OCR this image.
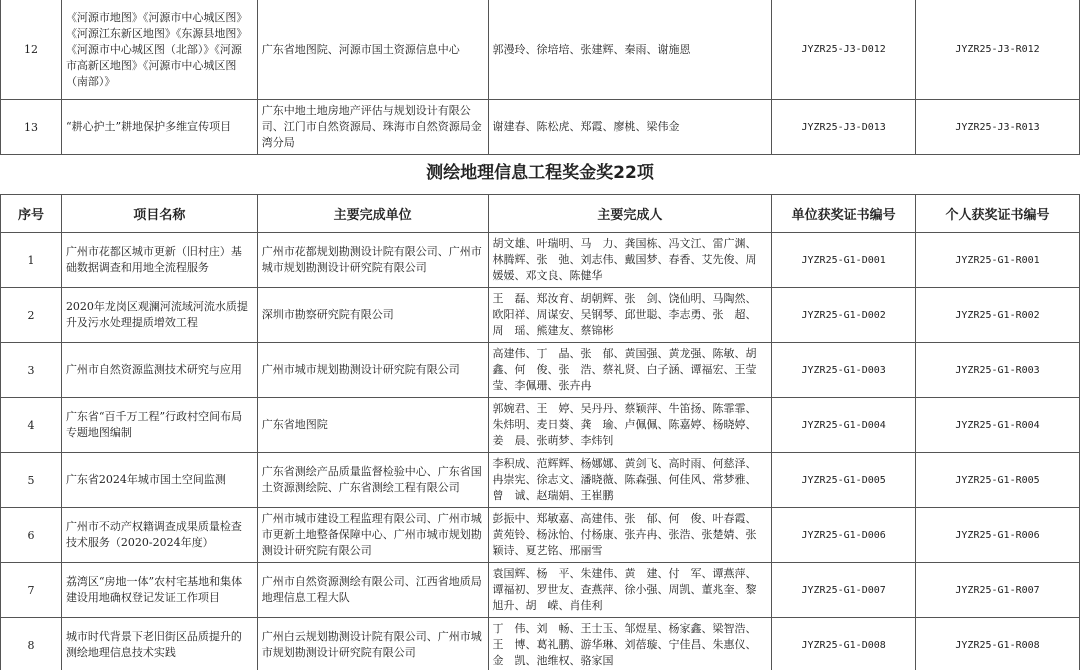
12	《河源市地图》《河源市中心城区图》《河源江东新区地图》《东源县地图》《河源市中心城区图（北部）》《河源市高新区地图》《河源市中心城区图（南部）》	广东省地图院、河源市国土资源信息中心	郭漫玲、徐培培、张建辉、秦雨、谢施恩	JYZR25-J3-D012	JYZR25-J3-R012
13	“耕心护土”耕地保护多维宣传项目	广东中地土地房地产评估与规划设计有限公司、江门市自然资源局、珠海市自然资源局金湾分局	谢建春、陈松虎、郑霞、廖桃、梁伟金	JYZR25-J3-D013	JYZR25-J3-R013
测绘地理信息工程奖金奖22项
序号	项目名称	主要完成单位	主要完成人	单位获奖证书编号	个人获奖证书编号
1	广州市花都区城市更新（旧村庄）基础数据调查和用地全流程服务	广州市花都规划勘测设计院有限公司、广州市城市规划勘测设计研究院有限公司	胡文雄、叶瑞明、马　力、龚国栋、冯文江、雷广渊、林腾辉、张　弛、刘志伟、戴国梦、春香、艾先俊、周媛媛、邓文良、陈健华	JYZR25-G1-D001	JYZR25-G1-R001
2	2020年龙岗区观澜河流域河流水质提升及污水处理提质增效工程	深圳市勘察研究院有限公司	王　磊、郑汝育、胡朝辉、张　剑、饶仙明、马陶然、欧阳祥、周谋安、吴钢琴、邱世聪、李志勇、张　超、周　瑶、熊建友、蔡锦彬	JYZR25-G1-D002	JYZR25-G1-R002
3	广州市自然资源监测技术研究与应用	广州市城市规划勘测设计研究院有限公司	高建伟、丁　晶、张　郁、黄国强、黄龙强、陈敏、胡　鑫、何　俊、张　浩、蔡礼贤、白子涵、谭福宏、王莹莹、李佩珊、张卉冉	JYZR25-G1-D003	JYZR25-G1-R003
4	广东省“百千万工程”行政村空间布局专题地图编制	广东省地图院	郭婉君、王　婷、吴丹丹、蔡颖萍、牛笛扬、陈霏霏、朱炜明、麦日葵、龚　瑜、卢佩佩、陈嘉婷、杨晓婷、姜　晨、张萌梦、李炜钊	JYZR25-G1-D004	JYZR25-G1-R004
5	广东省2024年城市国土空间监测	广东省测绘产品质量监督检验中心、广东省国土资源测绘院、广东省测绘工程有限公司	李积成、范辉辉、杨娜娜、黄剑飞、高时雨、何慈泽、冉崇宪、徐志文、潘晓薇、陈森强、何佳风、常梦雅、曾　诚、赵瑞娟、王崔鹏	JYZR25-G1-D005	JYZR25-G1-R005
6	广州市不动产权籍调查成果质量检查技术服务（2020-2024年度）	广州市城市建设工程监理有限公司、广州市城市更新土地整备保障中心、广州市城市规划勘测设计研究院有限公司	彭振中、郑敏嘉、高建伟、张　郁、何　俊、叶春霞、黄苑铃、杨泳怡、付杨康、张卉冉、张浩、张楚婧、张颖诗、夏艺铭、邢丽雪	JYZR25-G1-D006	JYZR25-G1-R006
7	荔湾区“房地一体”农村宅基地和集体建设用地确权登记发证工作项目	广州市自然资源测绘有限公司、江西省地质局地理信息工程大队	袁国辉、杨　平、朱建伟、黄　建、付　军、谭燕萍、谭福初、罗世友、查燕萍、徐小强、周凯、董兆奎、黎旭升、胡　嵘、肖佳利	JYZR25-G1-D007	JYZR25-G1-R007
8	城市时代背景下老旧街区品质提升的测绘地理信息技术实践	广州白云规划勘测设计院有限公司、广州市城市规划勘测设计研究院有限公司	丁　伟、刘　畅、王士玉、邹煜星、杨家鑫、梁智浩、王　博、葛礼鹏、游华琳、刘蓓璇、宁佳昌、朱惠仪、金　凯、池维权、骆家国	JYZR25-G1-D008	JYZR25-G1-R008
